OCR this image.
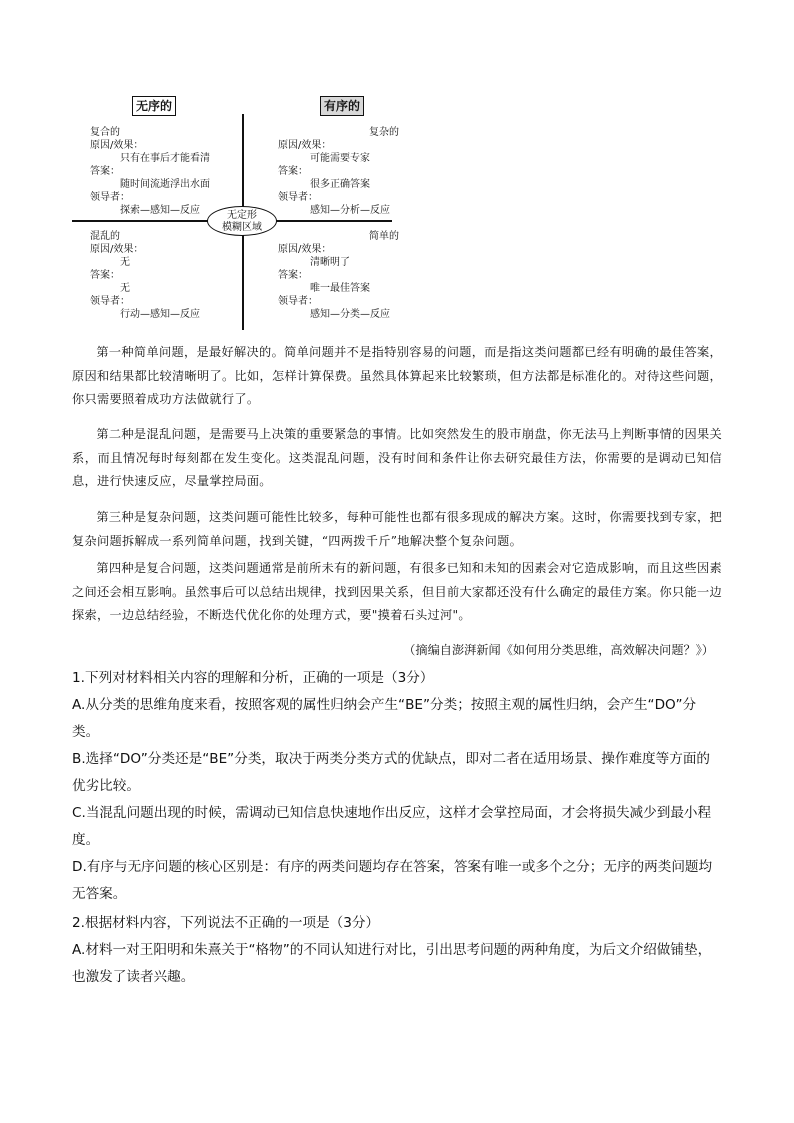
无序的	有序的
无定形
模糊区域
复合的
原因/效果：
只有在事后才能看清
答案：
随时间流逝浮出水面
领导者：
探索—感知—反应
复杂的
原因/效果：
可能需要专家
答案：
很多正确答案
领导者：
感知—分析—反应
混乱的
原因/效果：
无
答案：
无
领导者：
行动—感知—反应
简单的
原因/效果：
清晰明了
答案：
唯一最佳答案
领导者：
感知—分类—反应
第一种简单问题，是最好解决的。简单问题并不是指特别容易的问题，而是指这类问题都已经有明确的最佳答案，原因和结果都比较清晰明了。比如，怎样计算保费。虽然具体算起来比较繁琐，但方法都是标准化的。对待这些问题，你只需要照着成功方法做就行了。
第二种是混乱问题，是需要马上决策的重要紧急的事情。比如突然发生的股市崩盘，你无法马上判断事情的因果关系，而且情况每时每刻都在发生变化。这类混乱问题，没有时间和条件让你去研究最佳方法，你需要的是调动已知信息，进行快速反应，尽量掌控局面。
第三种是复杂问题，这类问题可能性比较多，每种可能性也都有很多现成的解决方案。这时，你需要找到专家，把复杂问题拆解成一系列简单问题，找到关键，“四两拨千斤”地解决整个复杂问题。
第四种是复合问题，这类问题通常是前所未有的新问题，有很多已知和未知的因素会对它造成影响，而且这些因素之间还会相互影响。虽然事后可以总结出规律，找到因果关系，但目前大家都还没有什么确定的最佳方案。你只能一边探索，一边总结经验，不断迭代优化你的处理方式，要"摸着石头过河"。
（摘编自澎湃新闻《如何用分类思维，高效解决问题？》）
1.下列对材料相关内容的理解和分析，正确的一项是（3分）
A.从分类的思维角度来看，按照客观的属性归纳会产生“BE”分类；按照主观的属性归纳，会产生“DO”分类。
B.选择“DO”分类还是“BE”分类，取决于两类分类方式的优缺点，即对二者在适用场景、操作难度等方面的优劣比较。
C.当混乱问题出现的时候，需调动已知信息快速地作出反应，这样才会掌控局面，才会将损失减少到最小程度。
D.有序与无序问题的核心区别是：有序的两类问题均存在答案，答案有唯一或多个之分；无序的两类问题均无答案。
2.根据材料内容，下列说法不正确的一项是（3分）
A.材料一对王阳明和朱熹关于“格物”的不同认知进行对比，引出思考问题的两种角度，为后文介绍做铺垫，也激发了读者兴趣。
